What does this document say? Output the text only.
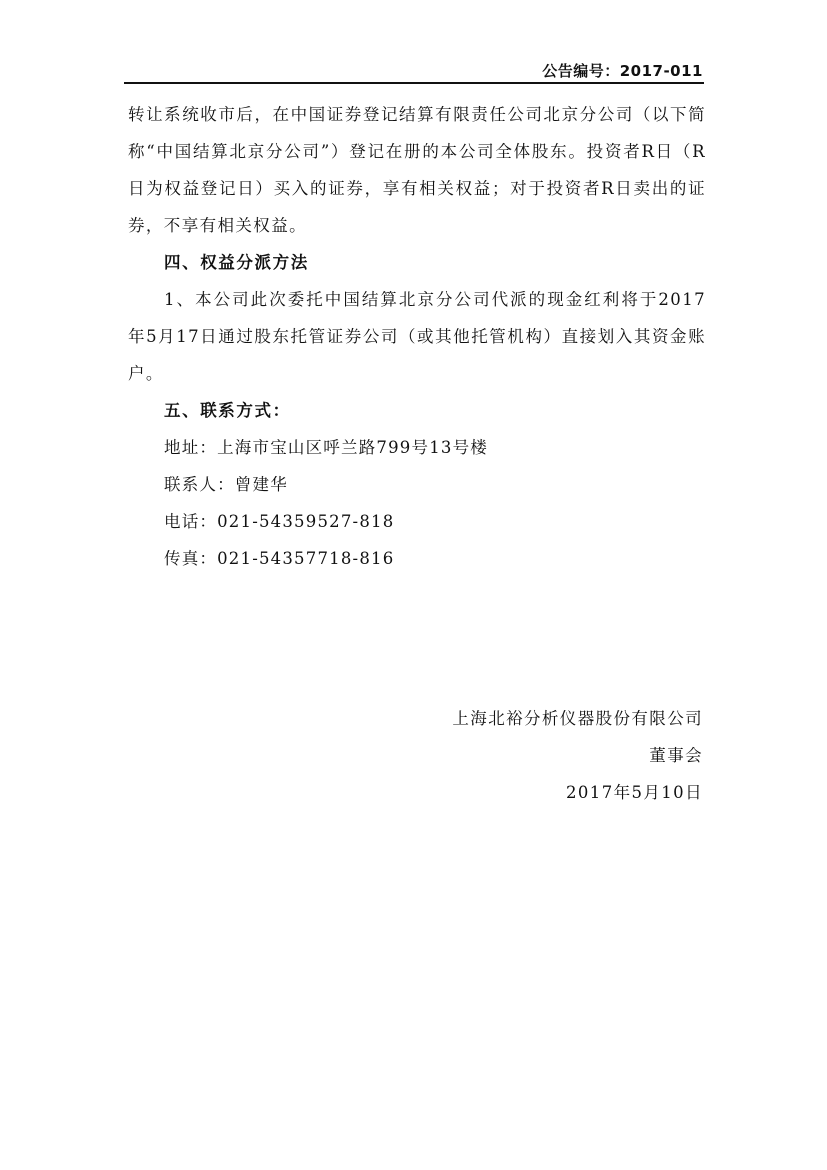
公告编号：2017-011

转让系统收市后，在中国证券登记结算有限责任公司北京分公司（以下简称“中国结算北京分公司”）登记在册的本公司全体股东。投资者R日（R日为权益登记日）买入的证券，享有相关权益；对于投资者R日卖出的证券，不享有相关权益。

四、权益分派方法

1、本公司此次委托中国结算北京分公司代派的现金红利将于2017年5月17日通过股东托管证券公司（或其他托管机构）直接划入其资金账户。

五、联系方式：

地址：上海市宝山区呼兰路799号13号楼

联系人：曾建华

电话：021-54359527-818

传真：021-54357718-816

上海北裕分析仪器股份有限公司
董事会
2017年5月10日
